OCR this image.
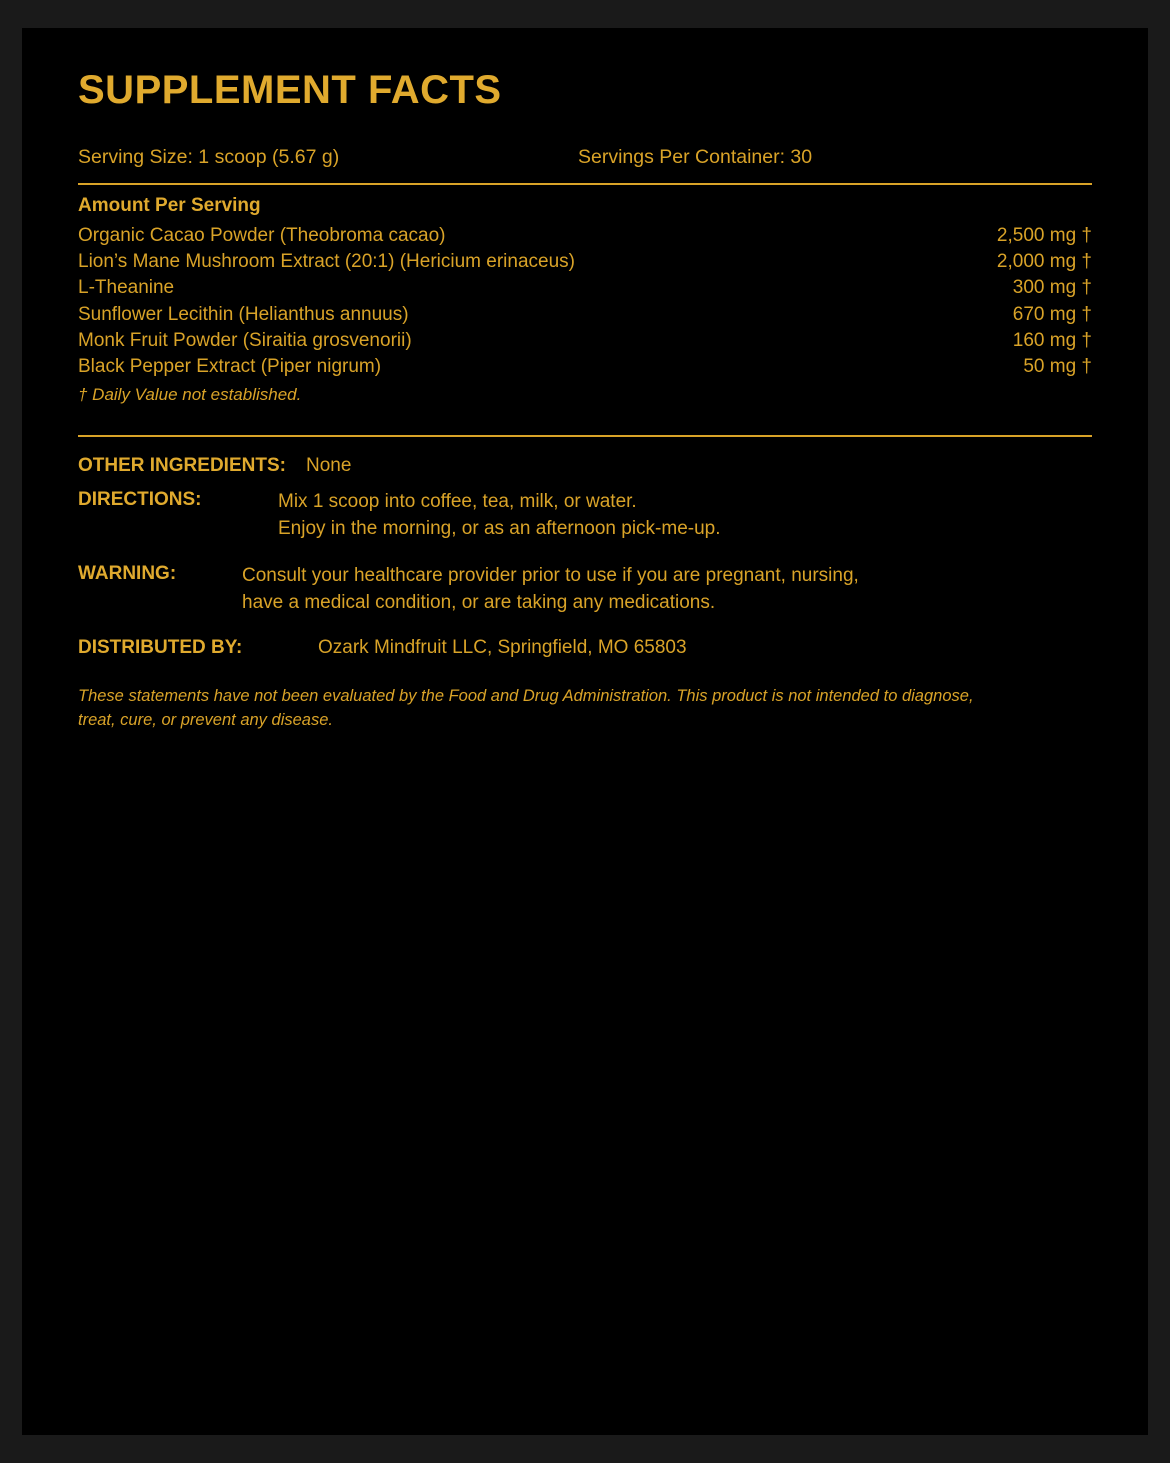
SUPPLEMENT FACTS
Serving Size: 1 scoop (5.67 g)	Servings Per Container: 30
Amount Per Serving
Organic Cacao Powder (Theobroma cacao)	2,500 mg †
Lion’s Mane Mushroom Extract (20:1) (Hericium erinaceus)	2,000 mg †
L-Theanine	300 mg †
Sunflower Lecithin (Helianthus annuus)	670 mg †
Monk Fruit Powder (Siraitia grosvenorii)	160 mg †
Black Pepper Extract (Piper nigrum)	50 mg †
† Daily Value not established.
OTHER INGREDIENTS:	None
DIRECTIONS:	Mix 1 scoop into coffee, tea, milk, or water.
Enjoy in the morning, or as an afternoon pick-me-up.
WARNING:	Consult your healthcare provider prior to use if you are pregnant, nursing,
have a medical condition, or are taking any medications.
DISTRIBUTED BY:	Ozark Mindfruit LLC, Springfield, MO 65803
These statements have not been evaluated by the Food and Drug Administration. This product is not intended to diagnose, treat, cure, or prevent any disease.
